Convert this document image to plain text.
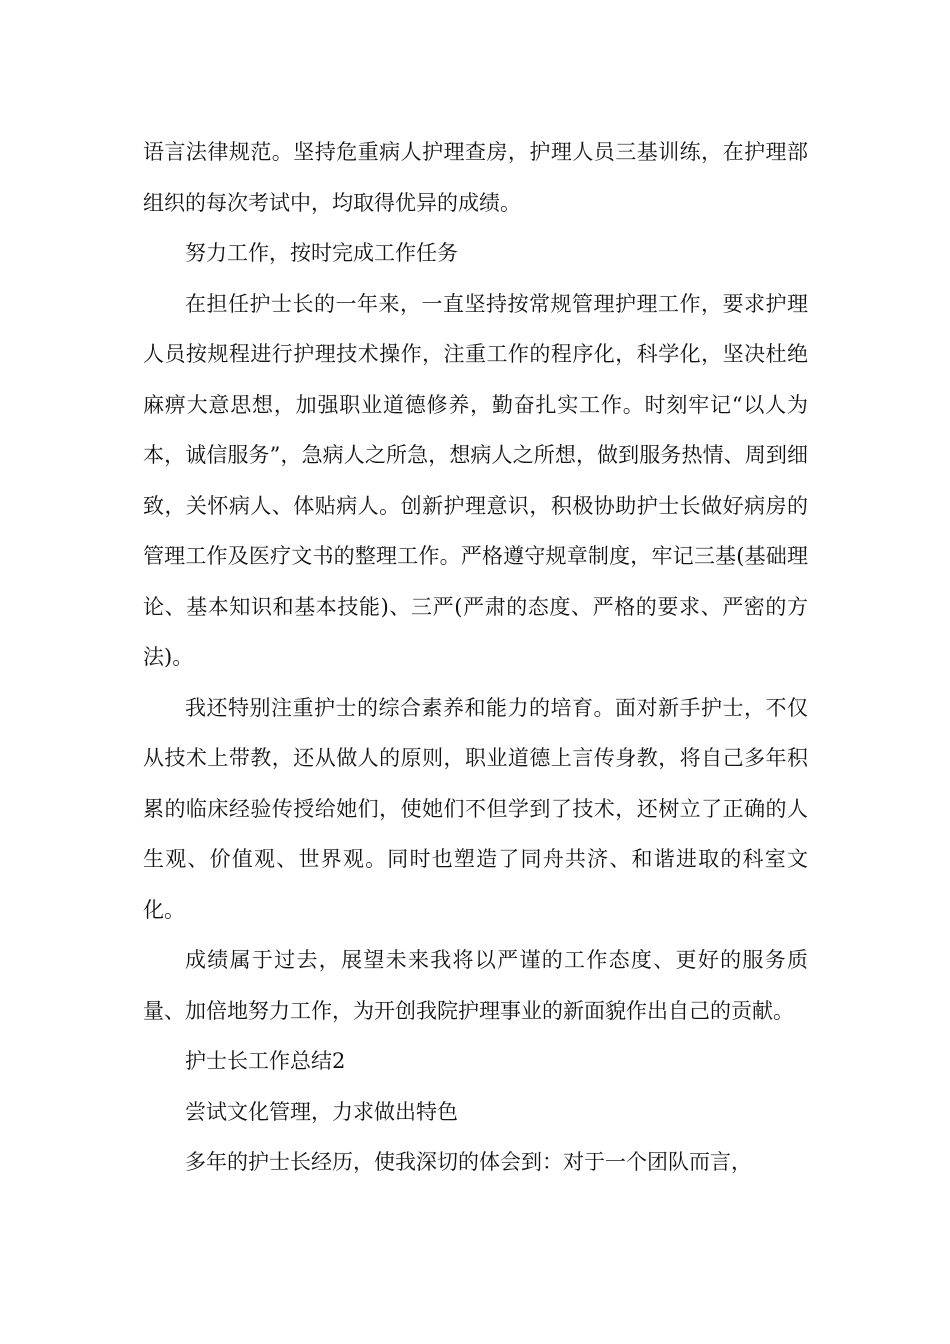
语言法律规范。坚持危重病人护理查房，护理人员三基训练，在护理部组织的每次考试中，均取得优异的成绩。

努力工作，按时完成工作任务

在担任护士长的一年来，一直坚持按常规管理护理工作，要求护理人员按规程进行护理技术操作，注重工作的程序化，科学化，坚决杜绝麻痹大意思想，加强职业道德修养，勤奋扎实工作。时刻牢记“以人为本，诚信服务”，急病人之所急，想病人之所想，做到服务热情、周到细致，关怀病人、体贴病人。创新护理意识，积极协助护士长做好病房的管理工作及医疗文书的整理工作。严格遵守规章制度，牢记三基(基础理论、基本知识和基本技能)、三严(严肃的态度、严格的要求、严密的方法)。

我还特别注重护士的综合素养和能力的培育。面对新手护士，不仅从技术上带教，还从做人的原则，职业道德上言传身教，将自己多年积累的临床经验传授给她们，使她们不但学到了技术，还树立了正确的人生观、价值观、世界观。同时也塑造了同舟共济、和谐进取的科室文化。

成绩属于过去，展望未来我将以严谨的工作态度、更好的服务质量、加倍地努力工作，为开创我院护理事业的新面貌作出自己的贡献。

护士长工作总结2

尝试文化管理，力求做出特色

多年的护士长经历，使我深切的体会到：对于一个团队而言，
